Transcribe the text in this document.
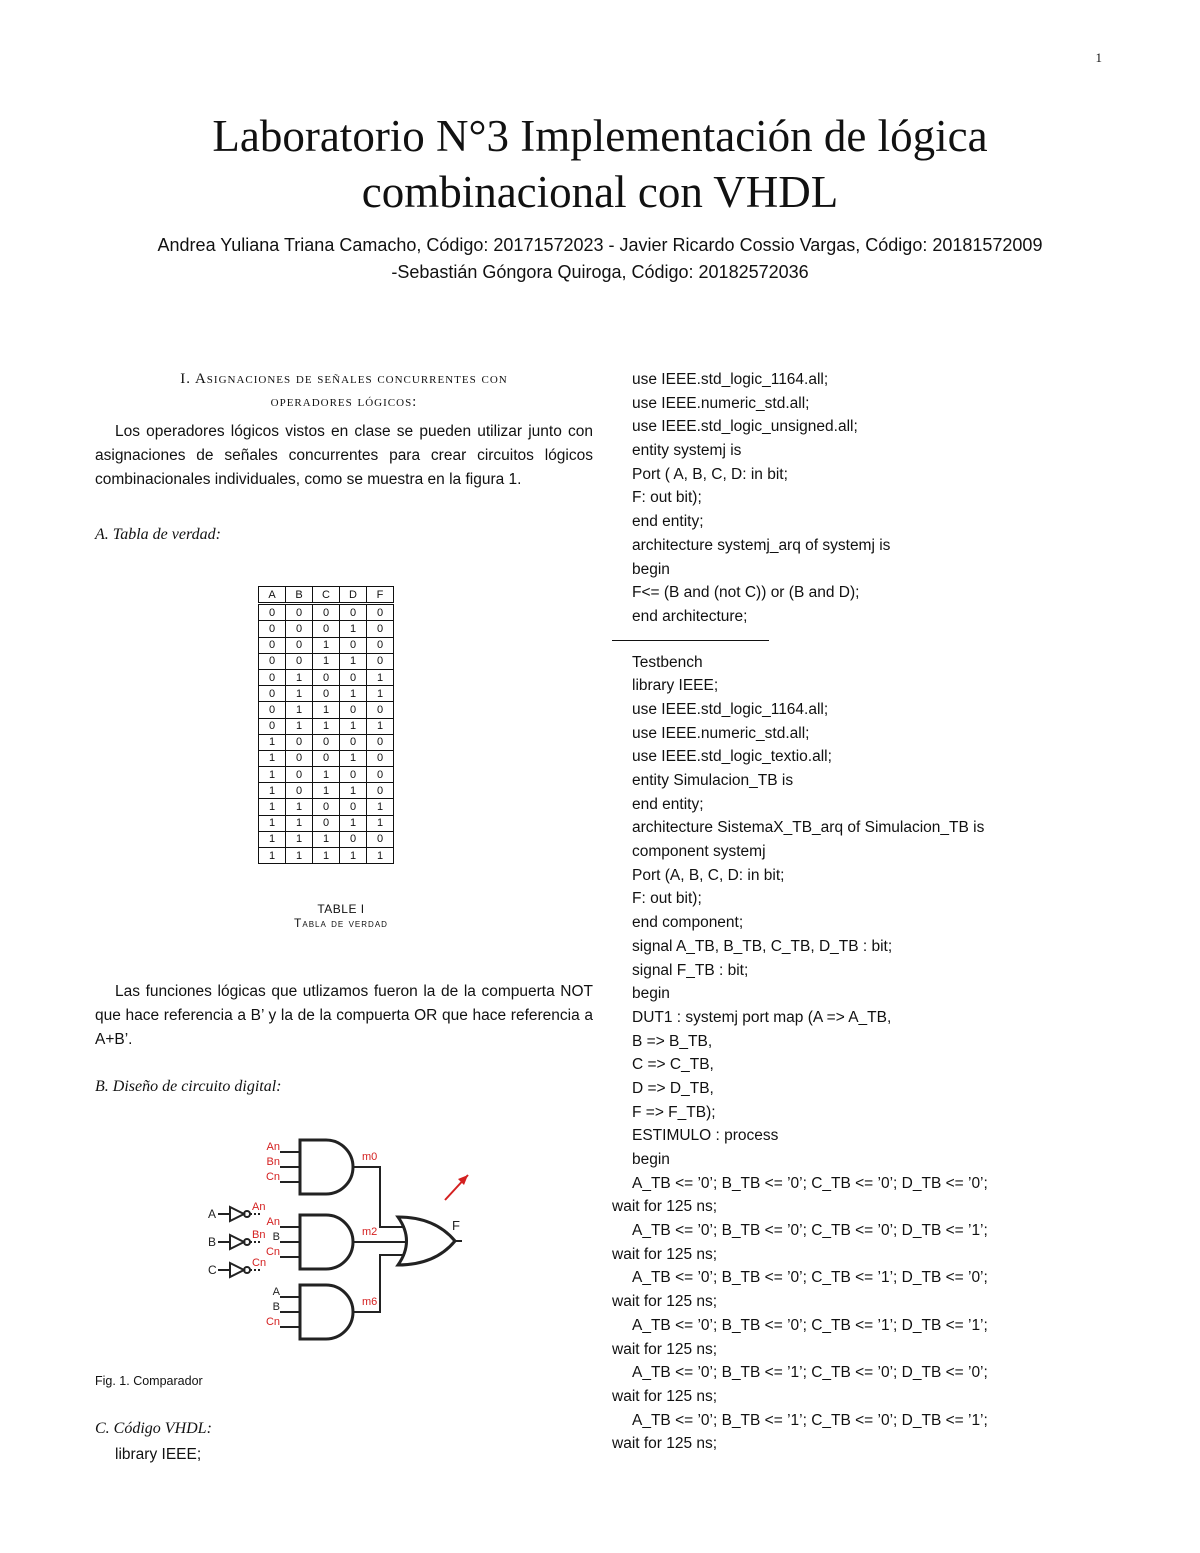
1
Laboratorio N°3 Implementación de lógica
combinacional con VHDL
Andrea Yuliana Triana Camacho, Código: 20171572023 - Javier Ricardo Cossio Vargas, Código: 20181572009
-Sebastián Góngora Quiroga, Código: 20182572036
I. Asignaciones de señales concurrentes con
operadores lógicos:

Los operadores lógicos vistos en clase se pueden utilizar junto con asignaciones de señales concurrentes para crear circuitos lógicos combinacionales individuales, como se muestra en la figura 1.

A. Tabla de verdad:

A	B	C	D	F
0	0	0	0	0
0	0	0	1	0
0	0	1	0	0
0	0	1	1	0
0	1	0	0	1
0	1	0	1	1
0	1	1	0	0
0	1	1	1	1
1	0	0	0	0
1	0	0	1	0
1	0	1	0	0
1	0	1	1	0
1	1	0	0	1
1	1	0	1	1
1	1	1	0	0
1	1	1	1	1
TABLE I
Tabla de verdad

Las funciones lógicas que utlizamos fueron la de la compuerta NOT que hace referencia a B’ y la de la compuerta OR que hace referencia a A+B’.

B. Diseño de circuito digital:

An
Bn
Cn
m0
An
B
Cn
m2
A
B
Cn
m6
F
A	An
B	Bn
C	Cn
Fig. 1. Comparador

C. Código VHDL:

library IEEE;
use IEEE.std_logic_1164.all;
use IEEE.numeric_std.all;
use IEEE.std_logic_unsigned.all;
entity systemj is
Port ( A, B, C, D: in bit;
F: out bit);
end entity;
architecture systemj_arq of systemj is
begin
F<= (B and (not C)) or (B and D);
end architecture;
Testbench
library IEEE;
use IEEE.std_logic_1164.all;
use IEEE.numeric_std.all;
use IEEE.std_logic_textio.all;
entity Simulacion_TB is
end entity;
architecture SistemaX_TB_arq of Simulacion_TB is
component systemj
Port (A, B, C, D: in bit;
F: out bit);
end component;
signal A_TB, B_TB, C_TB, D_TB : bit;
signal F_TB : bit;
begin
DUT1 : systemj port map (A => A_TB,
B => B_TB,
C => C_TB,
D => D_TB,
F => F_TB);
ESTIMULO : process
begin
A_TB <= ’0’; B_TB <= ’0’; C_TB <= ’0’; D_TB <= ’0’;
wait for 125 ns;
A_TB <= ’0’; B_TB <= ’0’; C_TB <= ’0’; D_TB <= ’1’;
wait for 125 ns;
A_TB <= ’0’; B_TB <= ’0’; C_TB <= ’1’; D_TB <= ’0’;
wait for 125 ns;
A_TB <= ’0’; B_TB <= ’0’; C_TB <= ’1’; D_TB <= ’1’;
wait for 125 ns;
A_TB <= ’0’; B_TB <= ’1’; C_TB <= ’0’; D_TB <= ’0’;
wait for 125 ns;
A_TB <= ’0’; B_TB <= ’1’; C_TB <= ’0’; D_TB <= ’1’;
wait for 125 ns;
